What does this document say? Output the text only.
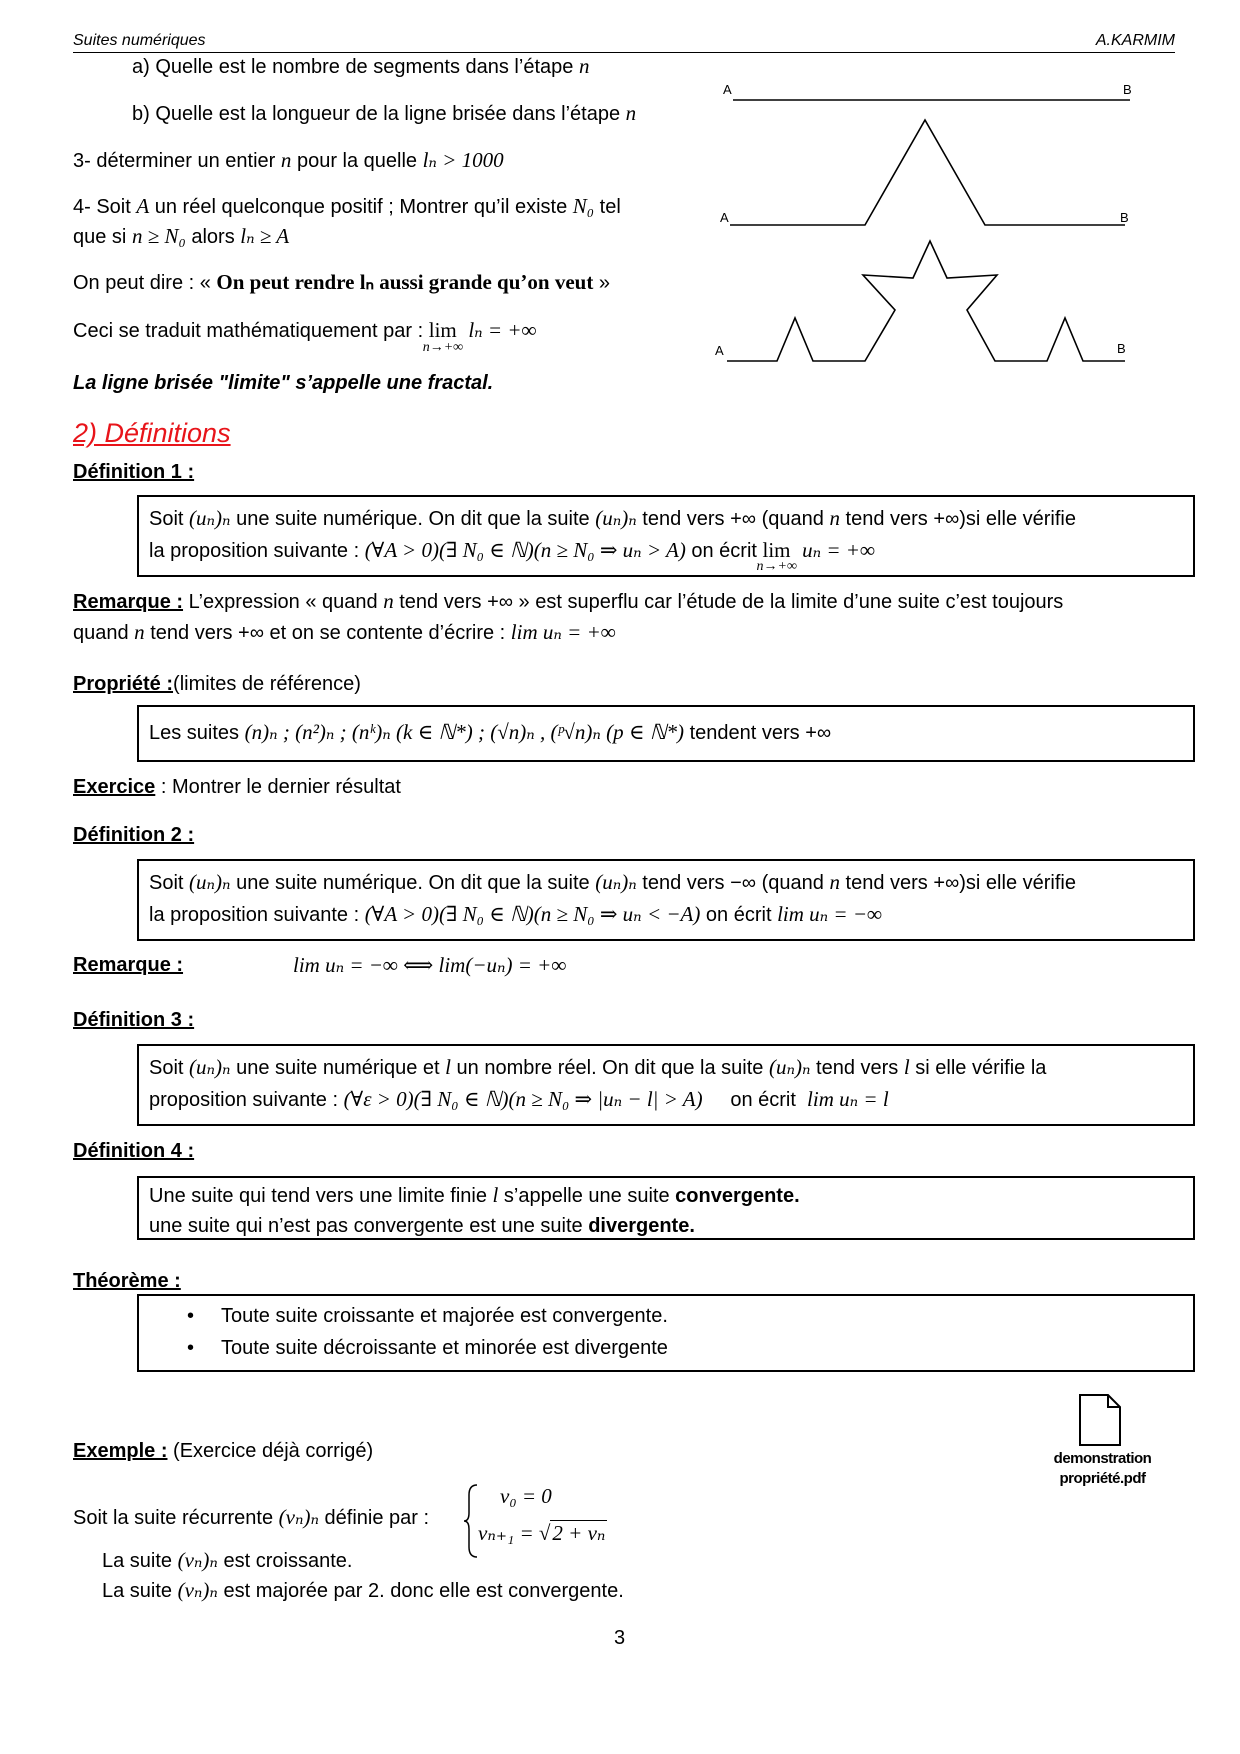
Suites numériques	A.KARMIM
a) Quelle est le nombre de segments dans l’étape n
b) Quelle est la longueur de la ligne brisée dans l’étape n
3- déterminer un entier n pour la quelle lₙ > 1000
4- Soit A un réel quelconque positif ; Montrer qu’il existe N₀ tel
que si n ≥ N₀ alors lₙ ≥ A
On peut dire : « On peut rendre lₙ aussi grande qu’on veut »
Ceci se traduit mathématiquement par : lim
n→+∞
lₙ = +∞
La ligne brisée "limite" s’appelle une fractal.
A	B
A	B
A	B
2) Définitions
Définition 1 :
Soit (uₙ)ₙ une suite numérique. On dit que la suite (uₙ)ₙ tend vers +∞ (quand n tend vers +∞)si elle vérifie
la proposition suivante : (∀A > 0)(∃ N₀ ∈ ℕ)(n ≥ N₀ ⇒ uₙ > A) on écrit lim
n→+∞
uₙ = +∞
Remarque : L’expression « quand n tend vers +∞ » est superflu car l’étude de la limite d’une suite c’est toujours
quand n tend vers +∞ et on se contente d’écrire : lim uₙ = +∞
Propriété :(limites de référence)
Les suites (n)ₙ ; (n²)ₙ ; (nᵏ)ₙ (k ∈ ℕ*) ; (√n)ₙ , (ᵖ√n)ₙ (p ∈ ℕ*) tendent vers +∞
Exercice : Montrer le dernier résultat
Définition 2 :
Soit (uₙ)ₙ une suite numérique. On dit que la suite (uₙ)ₙ tend vers −∞ (quand n tend vers +∞)si elle vérifie
la proposition suivante : (∀A > 0)(∃ N₀ ∈ ℕ)(n ≥ N₀ ⇒ uₙ < −A) on écrit lim uₙ = −∞
Remarque :	lim uₙ = −∞ ⟺ lim(−uₙ) = +∞
Définition 3 :
Soit (uₙ)ₙ une suite numérique et l un nombre réel. On dit que la suite (uₙ)ₙ tend vers l si elle vérifie la
proposition suivante : (∀ε > 0)(∃ N₀ ∈ ℕ)(n ≥ N₀ ⇒ |uₙ − l| > A)     on écrit  lim uₙ = l
Définition 4 :
Une suite qui tend vers une limite finie l s’appelle une suite convergente.
une suite qui n’est pas convergente est une suite divergente.
Théorème :
• Toute suite croissante et majorée est convergente.
• Toute suite décroissante et minorée est divergente
demonstration
propriété.pdf
Exemple : (Exercice déjà corrigé)
Soit la suite récurrente (vₙ)ₙ définie par :
v₀ = 0
vₙ₊₁ = √2 + vₙ
La suite (vₙ)ₙ est croissante.
La suite (vₙ)ₙ est majorée par 2. donc elle est convergente.
3
